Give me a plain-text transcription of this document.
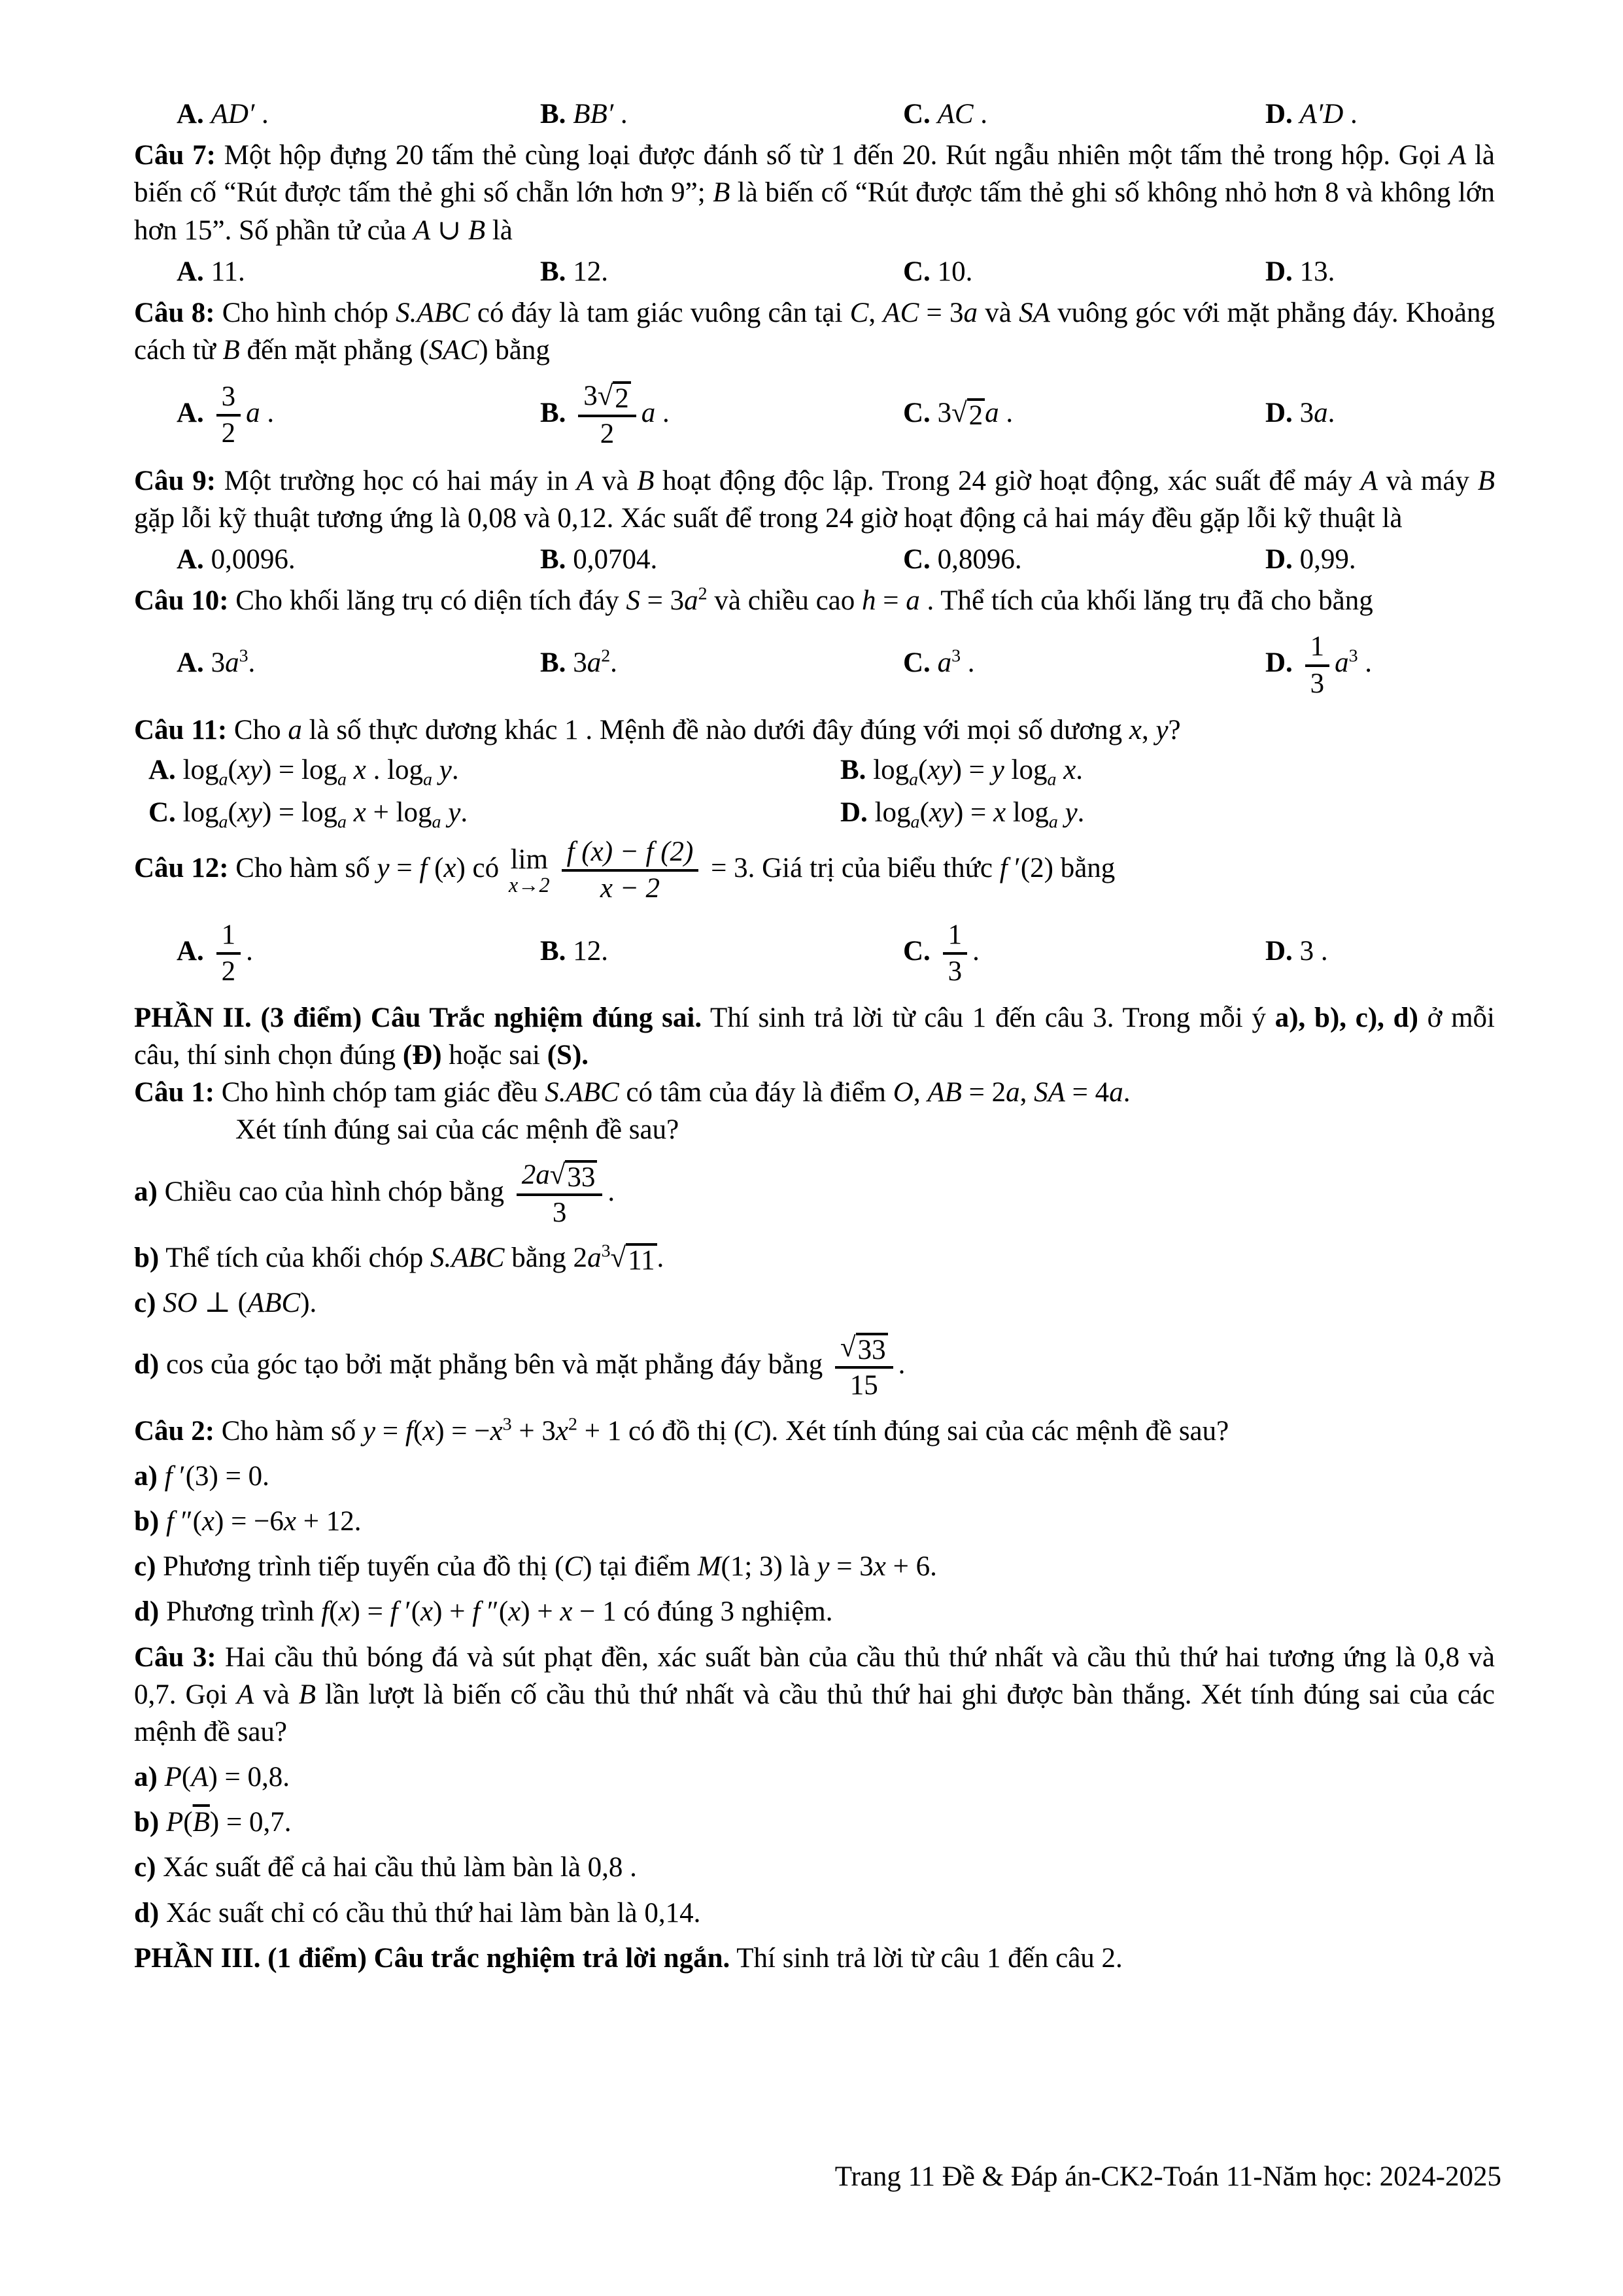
A. AD′ .	B. BB′ .	C. AC .	D. A′D .

Câu 7: Một hộp đựng 20 tấm thẻ cùng loại được đánh số từ 1 đến 20. Rút ngẫu nhiên một tấm thẻ trong hộp. Gọi A là biến cố “Rút được tấm thẻ ghi số chẵn lớn hơn 9”; B là biến cố “Rút được tấm thẻ ghi số không nhỏ hơn 8 và không lớn hơn 15”. Số phần tử của A ∪ B là

A. 11.	B. 12.	C. 10.	D. 13.

Câu 8: Cho hình chóp S.ABC có đáy là tam giác vuông cân tại C, AC = 3a và SA vuông góc với mặt phẳng đáy. Khoảng cách từ B đến mặt phẳng (SAC) bằng

A. $\frac{3}{2}$ a .	B. $\frac{3 √ 2}{2}$ a .	C. 3 √ 2 a .	D. 3a.

Câu 9: Một trường học có hai máy in A và B hoạt động độc lập. Trong 24 giờ hoạt động, xác suất để máy A và máy B gặp lỗi kỹ thuật tương ứng là 0,08 và 0,12. Xác suất để trong 24 giờ hoạt động cả hai máy đều gặp lỗi kỹ thuật là

A. 0,0096.	B. 0,0704.	C. 0,8096.	D. 0,99.

Câu 10: Cho khối lăng trụ có diện tích đáy $S = 3a^2$ và chiều cao h = a . Thể tích của khối lăng trụ đã cho bằng

A. $3a^3$.	B. $3a^2$.	C. $a^3$ .	D. $\frac{1}{3} a^3$ .

Câu 11: Cho a là số thực dương khác 1 . Mệnh đề nào dưới đây đúng với mọi số dương x, y?

A. $\log_a(xy) = \log_a x$ . $\log_a y$.	B. $\log_a(xy) = y$ $\log_a x$.
C. $\log_a(xy) = \log_a x + \log_a y$.	D. $\log_a(xy) = x$ $\log_a y$.

Câu 12: Cho hàm số y = f (x) có lim
$x\to 2 \frac{f (x) - f (2)}{x - 2} = 3$. Giá trị của biểu thức f ′(2) bằng

A. $\frac{1}{2}$ .	B. 12.	C. $\frac{1}{3}$ .	D. 3 .

PHẦN II. (3 điểm) Câu Trắc nghiệm đúng sai. Thí sinh trả lời từ câu 1 đến câu 3. Trong mỗi ý a), b), c), d) ở mỗi câu, thí sinh chọn đúng (Đ) hoặc sai (S).

Câu 1: Cho hình chóp tam giác đều S.ABC có tâm của đáy là điểm O, AB = 2a, SA = 4a.

Xét tính đúng sai của các mệnh đề sau?

a) Chiều cao của hình chóp bằng $\frac{2a √ 33}{3}$ .
b) Thể tích của khối chóp S.ABC bằng $2a^3$ √ 11 .
c) SO ⊥ (ABC).
d) cos của góc tạo bởi mặt phẳng bên và mặt phẳng đáy bằng $\frac{√ 33}{15}$ .

Câu 2: Cho hàm số $y = f(x) = -x^3 + 3x^2 + 1$ có đồ thị (C). Xét tính đúng sai của các mệnh đề sau?

a) f ′(3) = 0.
b) f ″(x) = −6x + 12.
c) Phương trình tiếp tuyến của đồ thị (C) tại điểm M(1; 3) là y = 3x + 6.
d) Phương trình f(x) = f ′(x) + f ″(x) + x − 1 có đúng 3 nghiệm.

Câu 3: Hai cầu thủ bóng đá và sút phạt đền, xác suất bàn của cầu thủ thứ nhất và cầu thủ thứ hai tương ứng là 0,8 và 0,7. Gọi A và B lần lượt là biến cố cầu thủ thứ nhất và cầu thủ thứ hai ghi được bàn thắng. Xét tính đúng sai của các mệnh đề sau?

a) P(A) = 0,8.
b) $P(\overline{B}) = 0,7$.
c) Xác suất để cả hai cầu thủ làm bàn là 0,8 .
d) Xác suất chỉ có cầu thủ thứ hai làm bàn là 0,14.

PHẦN III. (1 điểm) Câu trắc nghiệm trả lời ngắn. Thí sinh trả lời từ câu 1 đến câu 2.

Trang 11 Đề & Đáp án-CK2-Toán 11-Năm học: 2024-2025
